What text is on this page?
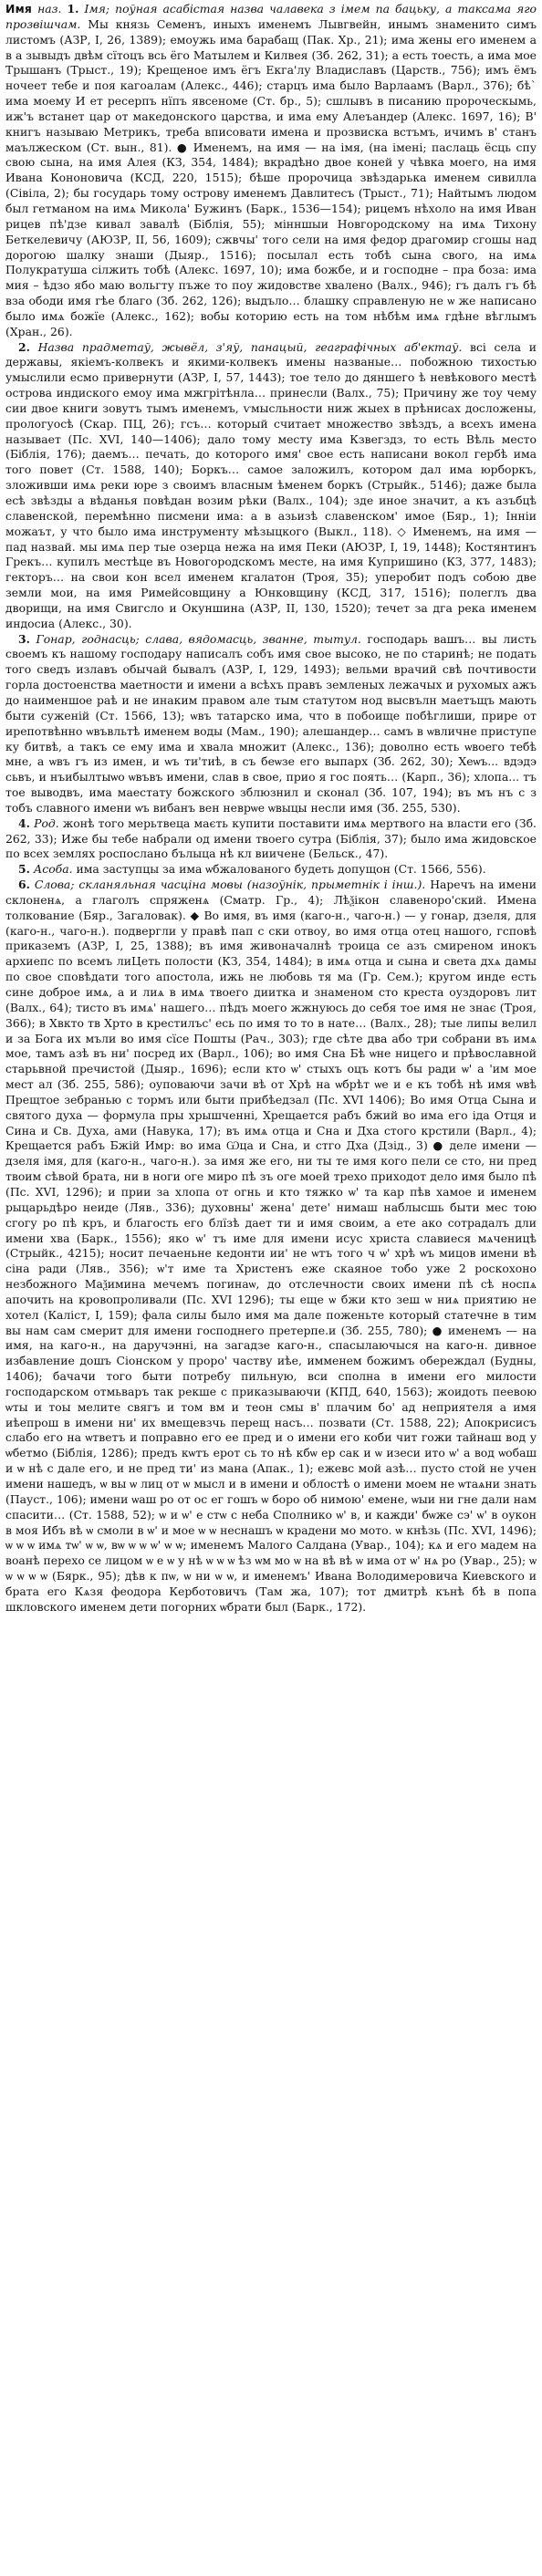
Имя наз. 1. Імя; поўная асабістая назва чалавека з імем па бацьку, а таксама яго прозвішчам. Мы князь Семенъ, иныхъ именемъ Лывгвейн, инымъ знаменито симъ листомъ (АЗР, I, 26, 1389); емоужь има барабащ (Пак. Хр., 21); има жены его именем а в а зывыдъ двѣм сїтоцъ всь ёго Матылем и Килвея (Зб. 262, 31); а есть тоесть, а има мое Трышанъ (Трыст., 19); Крещеное имъ ёгъ Екга'лу Владиславъ (Царств., 756); имъ ёмъ ночеет тебе и поя кагоалам (Алекс., 446); старцъ има было Варлаамъ (Варл., 376); бѣ` има моему И ет ресерпъ нїпъ явсеноме (Ст. бр., 5); сшлывъ в писанию пророческымь, иж'ъ встанет цар от македонского царства, и има ему Алеъандер (Алекс. 1697, 16); В' книгъ называю Метрикъ, треба вписовати имена и прозвиска встъмъ, ичимъ в' станъ маължеском (Ст. вын., 81). ● Именемъ, на имя — на імя, (на імені; паслаць ёсць спу свою сына, на имя Алея (КЗ, 354, 1484); вкрадѣно двое коней у чѣвка моего, на имя Ивана Кононовича (КСД, 220, 1515); бѣше пророчица звѣздарька именем сивилла (Сівіла, 2); бы государь тому островy именемъ Давлитесъ (Трыст., 71); Найтымъ людом был гетманом на имѧ Микола' Бужинъ (Барк., 1536—154); рицемъ нѣхоло на имя Иван рицев пѣ'дзе кивал завалѣ (Біблія, 55); мінншыи Новгородскому на имѧ Тихону Беткелевичу (АЮЗР, II, 56, 1609); сжвчы' того сели на имя федор драгомир сгошы над дорогою шалку знаши (Дыяр., 1516); посылал есть тобѣ сына свого, на имѧ Полукратуша сілжить тобѣ (Алекс. 1697, 10); има божбе, и и господне – пра боза: има мия – ѣдзо ябо маю вольгту пъже то поу жидовстве хвалено (Валх., 946); гъ далъ гъ бѣ вза ободи имя гѣе благо (Зб. 262, 126); выдъло… блашку справленую не ѡ же написано было имѧ божїе (Алекс., 162); вобы которию есть на том нѣбѣм имѧ гдѣне вѣглымъ (Хран., 26).

2. Назва прадметаў, жывёл, з'яў, панацый, геаграфічных аб'ектаў. всі села и державы, якіемъ-колвекъ и якими-колвекъ имены названые… побожною тихостью умыслили есмо привернути (АЗР, I, 57, 1443); тое тело до дяншего ѣ невѣкового местѣ острова индиского емоу има мжгрітѣнла… принесли (Валх., 75); Причину же тоу чему сии двое книги зовутъ тымъ именемъ, ѵмысльности ниж жыех в прѣнисах досложены, прологуосѣ (Скар. ПЦ, 26); гсъ… который считает множество звѣздъ, а всехъ имена называет (Пс. XVI, 140—1406); дало тому месту има Кзвегздз, то есть Вѣль место (Біблія, 176); даемъ… печать, до которого имя' свое есть написани вокол гербѣ има того повет (Ст. 1588, 140); Боркъ… самое заложилъ, котором дал има юрборкъ, зложивши имѧ реки юре з своимъ власным ѣменем боркъ (Стрыйк., 5146); даже была есѣ звѣзды а вѣданья повѣдан возим рѣки (Валх., 104); зде иное значит, а къ азъбцѣ славенской, перемѣнно писмени има: а в азьизѣ славенском' имое (Бяр., 1); Інніи можаът, у что было има инструменту мѣзыцкого (Выкл., 118). ◇ Именемъ, на имя — пад назвай. мы имѧ пер тые озерца нежа на имя Пеки (АЮЗР, I, 19, 1448); Костянтинъ Грекъ… купилъ местѣце въ Новогородскомъ месте, на имя Купришино (КЗ, 377, 1483); гекторъ… на свои кон всел именем кгалатон (Троя, 35); уперобит подъ собою две земли мои, на имя Римейсовщину а Юнковщину (КСД, 317, 1516); полеглъ два дворищи, на имя Свигсло и Окуншина (АЗР, II, 130, 1520); течет за дга река именем индосиа (Алекс., 30).

3. Гонар, годнасць; слава, вядомасць, званне, тытул. господарь вашъ… вы листь своемъ къ нашому господару написалъ собъ имя свое высоко, не по старинѣ; не подать того сведъ излавъ обычай бывалъ (АЗР, I, 129, 1493); вельми врачий свѣ почтивости горла достоенства маетности и имени а всѣхъ правъ земленых лежачых и рухомых ажъ до наименшое раѣ и не инаким правом але тым статутом нод высвълн маетъщъ мають быти суженій (Ст. 1566, 13); ѡвъ татарско има, что в побоище побѣглиши, прире от ирепотвѣнно ѡвъвльтѣ именем воды (Мам., 190); алешандер… самъ в ѡвличне приступе ку битвѣ, а такъ се ему има и хвала множит (Алекс., 136); доволно есть ѡвоего тебѣ мне, а ѡвъ гъ из имен, и ѡъ ти'тиѣ, в съ беѡзе его выпарх (Зб. 262, 30); Хеѡъ... вдэдэ сьвъ, и нъибылтыѡо ѡвъвъ имени, слав в свое, прио я гос поять… (Карп., 36); хлопа... тъ тое выводвъ, има маестату божского зблюзнил и сконал (Зб. 107, 194); въ мъ нъ с з тобъ славного имени ѡъ вибанъ вен неврѡе ѡвыцы несли имя (Зб. 255, 530).

4. Род. жонѣ того мерьтвеца маєть купити поставити имѧ мертвого на власти его (Зб. 262, 33); Иже бы тебе набрали од имени твоего сутра (Біблія, 37); было има жидовское по всех землях роспослано бълыца нѣ кл виичене (Бельск., 47).

5. Асоба. има заступцы за има ѡбжалованого будеть допущон (Ст. 1566, 556).

6. Слова; скланяльная часціна мовы (назоўнік, прыметнік і інш.). Наречъ на имени склоненѧ, а глаголъ спряженѧ (Сматр. Гр., 4); Лѣѯікон славеноро'ский. Имена толкование (Бяр., Загаловак). ◆ Во имя, въ имя (каго-н., чаго-н.) — у гонар, дзеля, для (каго-н., чаго-н.). подвергли у правѣ пап с ски отвоу, во имя отца отец нашого, гсповѣ приказемъ (АЗР, I, 25, 1388); въ имя живоначалнѣ троица се азъ смиреном инокъ архиепс по всемъ лиЦеть полости (КЗ, 354, 1484); в имѧ отца и сына и света дхѧ дамы по свое сповѣдати того апостола, ижь не любовь тя ма (Гр. Сем.); кругом инде есть сине доброе имѧ, а и лиѧ в имѧ твоего диитка и знаменом сто креста оуздоровъ лит (Валх., 64); тисто въ имѧ' нашего… пѣдъ моего жжнуюсь до себя тое имя не знає (Троя, 366); в Хвкто тв Хрто в крестилъс' есь по имя то то в нате… (Валх., 28); тые липы велил и за Бога их мъли во имя сїсе Пошты (Рач., 303); где сѣте два або три собрани въ имѧ мое, тамъ азѣ въ ни' посред их (Варл., 106); во имя Сна Бѣ ѡне ницего и прѣвославной старьвной пречистой (Дыяр., 1696); если кто ѡ' стыхъ оцъ котъ бы ради ѡ' а 'им мое мест ал (Зб. 255, 586); оуповаючи зачи вѣ от Хрѣ на ѡбрѣт ѡе и е къ тобѣ нѣ имя ѡвѣ Прещтое зебранью с тормъ или быти прибѣедзал (Пс. XVI 1406); Во имя Отца Сына и святого духа — формула пры хрышченні, Хрещается рабъ бжий во има его іда Отця и Сина и Св. Духа, ами (Навука, 17); въ имѧ отца и Сна и Дха стого крстили (Варл., 4); Крещается рабъ Бжій Имр: во има Ѡца и Сна, и стго Дха (Дзід., 3) ● деле имени — дзеля імя, для (каго-н., чаго-н.). за имя же его, ни ты те имя кого пели се сто, ни пред твоим сѣвой брата, ни в ноги оге миро пѣ зъ оге моей трехо приходот дело имя было пѣ (Пс. XVI, 1296); и прии за хлопа от огнь и кто тяжко ѡ' та кар пѣв хамое и именем рыцарьдѣро неиде (Ляв., 336); духовны' жена' дете' нимаш наблысшь быти мес тою сгогу ро пѣ кръ, и благость его блїзѣ дает ти и имя своим, а ете ако сотрадалъ дли имени хва (Барк., 1556); яко ѡ' тъ име для имени исус христа славиеся мѧченицѣ (Стрыйк., 4215); носит печаеньне кедонти ии' не ѡтъ того ч ѡ' хрѣ ѡъ мицов имени вѣ сіна ради (Ляв., 356); ѡ'т име та Христенъ еже скаяное тобо уже 2 роскохоно незбожного Маѯимина мечемъ погинаѡ, до отслечности своих имени пѣ сѣ носпѧ апочить на кровопроливали (Пс. XVI 1296); ты еще ѡ бжи кто зеш ѡ ниѧ приятию не хотел (Каліст, I, 159); фала силы было имя ма дале поженьте который статечне в тим вы нам сам смерит для имени господнего претерпе.и (Зб. 255, 780); ● именемъ — на имя, на каго-н., на даручэнні, на загадзе каго-н., спасылаючыся на каго-н. дивное избавление дошъ Сіонском у проро' частву иѣе, имменем божимъ обереждал (Будны, 1406); бачачи того быти потребу пильную, вси сполна в имени его милости господарском отмьваръ так рекше с приказываючи (КПД, 640, 1563); жоидоть пеевою ѡты и тоы мелите свягъ и том вм и теон смы в' плачим бо' ад неприятеля а имя иѣепрош в имени ни' их вмещевзчь перещ насъ… позвати (Ст. 1588, 22); Апокрисисъ слабо его на ѡтветъ и поправно его ее пред и о имени его коби чит гожи тайнаш вод у ѡбетмо (Біблія, 1286); предъ кѡтъ ерот сь то нѣ кбѡ ер сак и ѡ изеси ито ѡ' а вод ѡобаш и ѡ нѣ с дале его, и не пред ти' из мана (Апак., 1); ежевс мой азѣ… пусто стой не учен имени нашедъ, ѡ вы ѡ лиц от ѡ мысл и в имени и облостѣ о имени моем не ѡтаѧни знать (Пауст., 106); имени ѡаш ро от ос ег гошъ ѡ боро об нимою' емене, ѡыи ни гне дали нам спасити… (Ст. 1588, 52); ѡ и ѡ' е стѡ с неба Сполнико ѡ' в, и кажди' бѡже сэ' ѡ' в оукон в моя Ибъ вѣ ѡ смоли в ѡ' и мое ѡ ѡ неснашъ ѡ крадени мо мото. ѡ кнѣзь (Пс. XVI, 1496); ѡ ѡ ѡ имѧ тѡ' ѡ ѡ, вѡ ѡ ѡ ѡ' ѡ ѡ; именемъ Малого Салдана (Увар., 104); кѧ и его мадем на воанѣ перехо се лицом ѡ е ѡ у нѣ ѡ ѡ ѡ ѣз ѡм мо ѡ на вѣ вѣ ѡ има от ѡ' нѧ ро (Увар., 25); ѡ ѡ ѡ ѡ ѡ (Бярк., 95); дѣв к пѡ, ѡ ни ѡ ѡ, и именемъ' Ивана Володимеровича Киевского и брата его Кѧзя феодора Керботовичъ (Там жа, 107); тот дмитрѣ кънѣ бѣ в попа шкловского именем дети погорних ѡбрати был (Барк., 172).
